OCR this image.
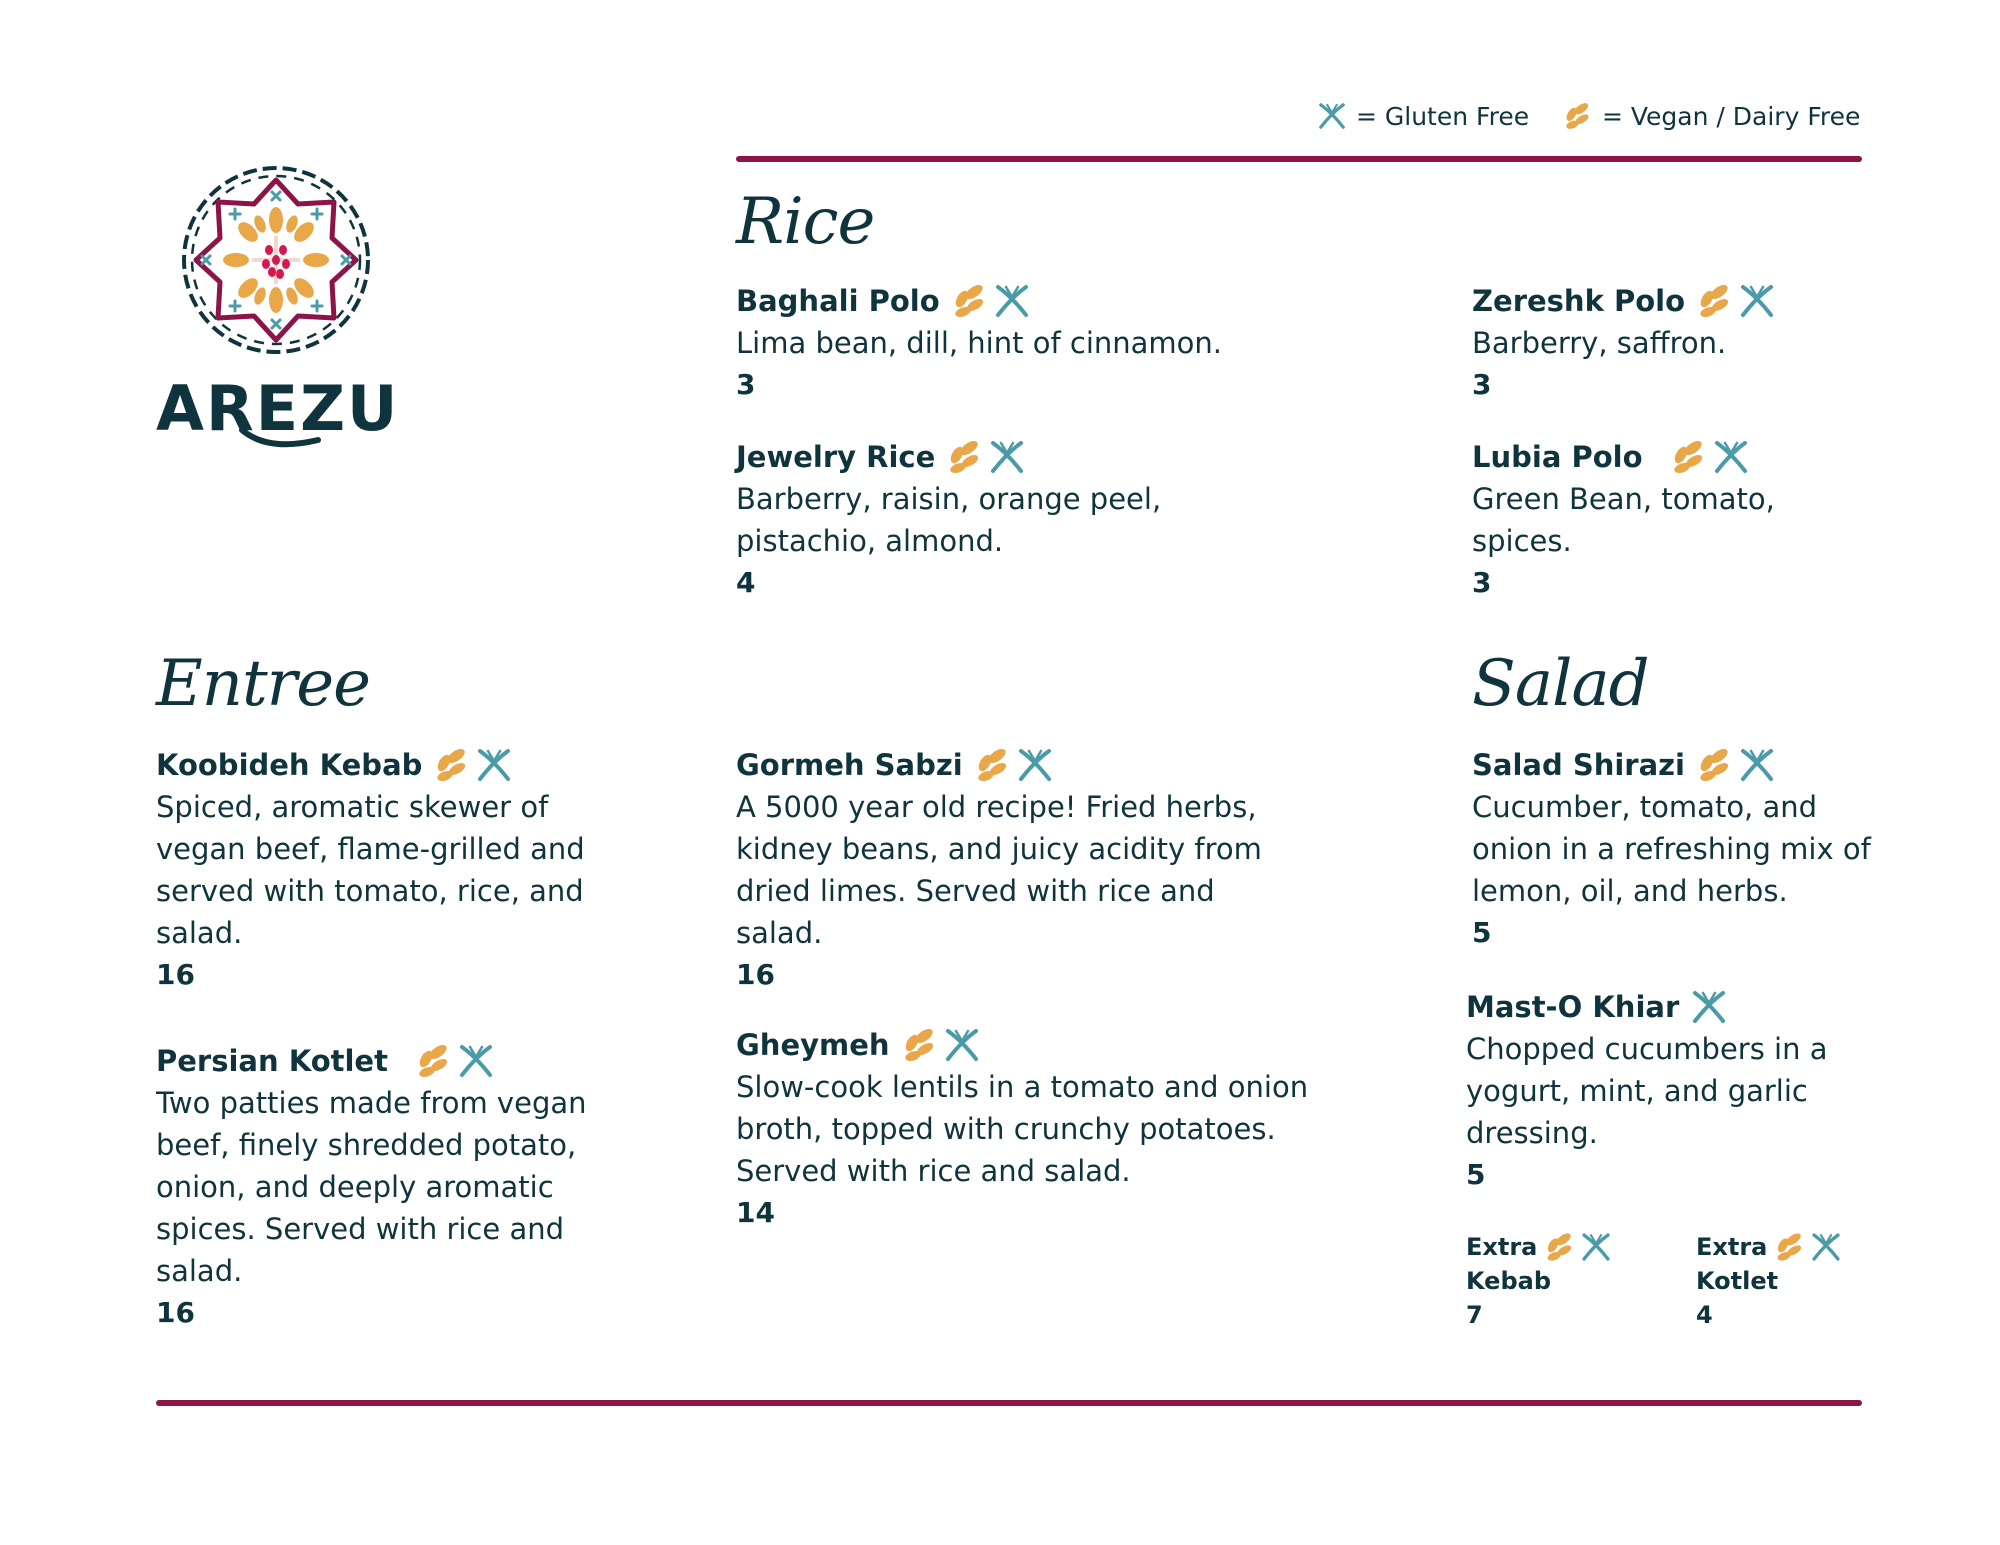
= Gluten Free	= Vegan / Dairy Free
AREZU
Rice
Baghali Polo

Lima bean, dill, hint of cinnamon.

3
Zereshk Polo

Barberry, saffron.

3
Jewelry Rice

Barberry, raisin, orange peel, pistachio, almond.

4
Lubia Polo

Green Bean, tomato, spices.

3
Entree
Koobideh Kebab

Spiced, aromatic skewer of vegan beef, flame-grilled and served with tomato, rice, and salad.

16
Gormeh Sabzi

A 5000 year old recipe! Fried herbs, kidney beans, and juicy acidity from dried limes. Served with rice and salad.

16
Persian Kotlet

Two patties made from vegan beef, finely shredded potato, onion, and deeply aromatic spices. Served with rice and salad.

16
Gheymeh

Slow-cook lentils in a tomato and onion broth, topped with crunchy potatoes. Served with rice and salad.

14
Salad
Salad Shirazi

Cucumber, tomato, and onion in a refreshing mix of lemon, oil, and herbs.

5
Mast-O Khiar

Chopped cucumbers in a yogurt, mint, and garlic dressing.

5
Extra
Kebab
7
Extra
Kotlet
4
